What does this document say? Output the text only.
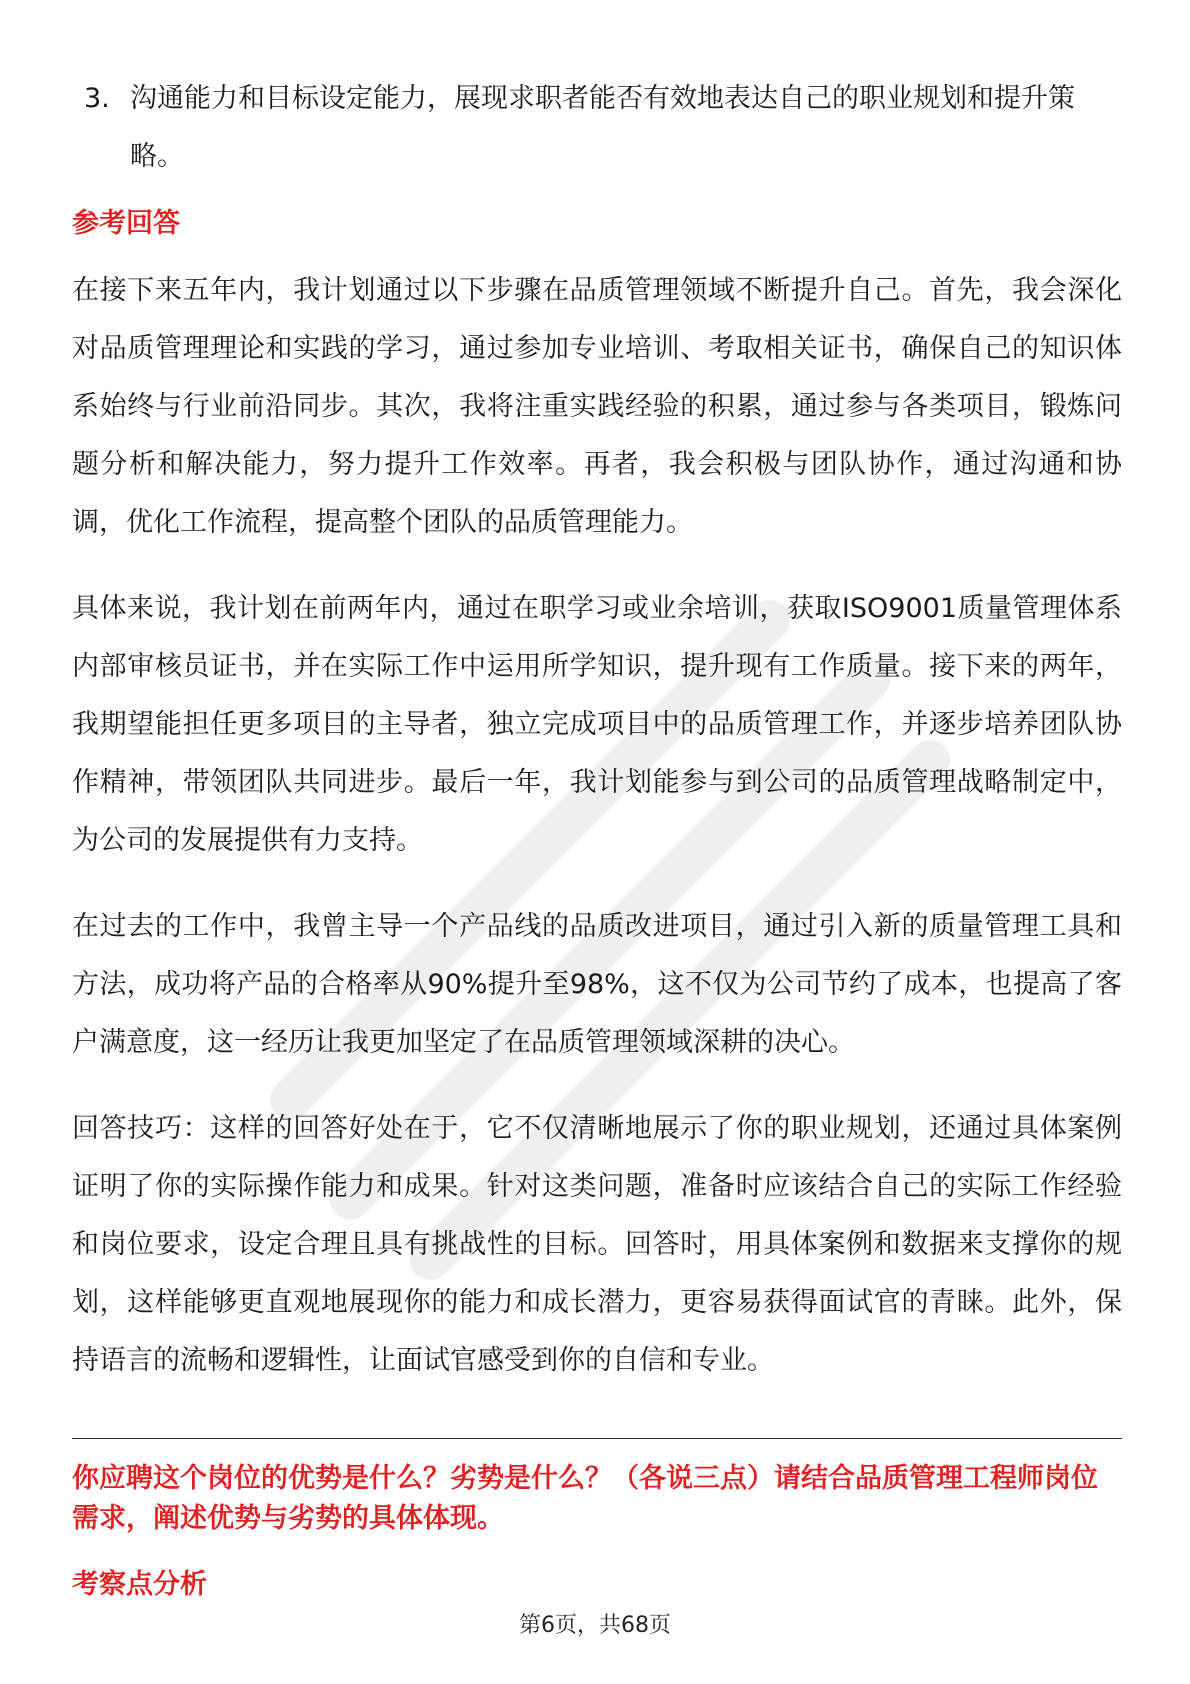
3. 沟通能力和目标设定能力，展现求职者能否有效地表达自己的职业规划和提升策略。
参考回答

在接下来五年内，我计划通过以下步骤在品质管理领域不断提升自己。首先，我会深化对品质管理理论和实践的学习，通过参加专业培训、考取相关证书，确保自己的知识体系始终与行业前沿同步。其次，我将注重实践经验的积累，通过参与各类项目，锻炼问题分析和解决能力，努力提升工作效率。再者，我会积极与团队协作，通过沟通和协调，优化工作流程，提高整个团队的品质管理能力。

具体来说，我计划在前两年内，通过在职学习或业余培训，获取ISO9001质量管理体系内部审核员证书，并在实际工作中运用所学知识，提升现有工作质量。接下来的两年，我期望能担任更多项目的主导者，独立完成项目中的品质管理工作，并逐步培养团队协作精神，带领团队共同进步。最后一年，我计划能参与到公司的品质管理战略制定中，为公司的发展提供有力支持。

在过去的工作中，我曾主导一个产品线的品质改进项目，通过引入新的质量管理工具和方法，成功将产品的合格率从90%提升至98%，这不仅为公司节约了成本，也提高了客户满意度，这一经历让我更加坚定了在品质管理领域深耕的决心。

回答技巧：这样的回答好处在于，它不仅清晰地展示了你的职业规划，还通过具体案例证明了你的实际操作能力和成果。针对这类问题，准备时应该结合自己的实际工作经验和岗位要求，设定合理且具有挑战性的目标。回答时，用具体案例和数据来支撑你的规划，这样能够更直观地展现你的能力和成长潜力，更容易获得面试官的青睐。此外，保持语言的流畅和逻辑性，让面试官感受到你的自信和专业。

你应聘这个岗位的优势是什么？劣势是什么？（各说三点）请结合品质管理工程师岗位需求，阐述优势与劣势的具体体现。
考察点分析
第6页，共68页
